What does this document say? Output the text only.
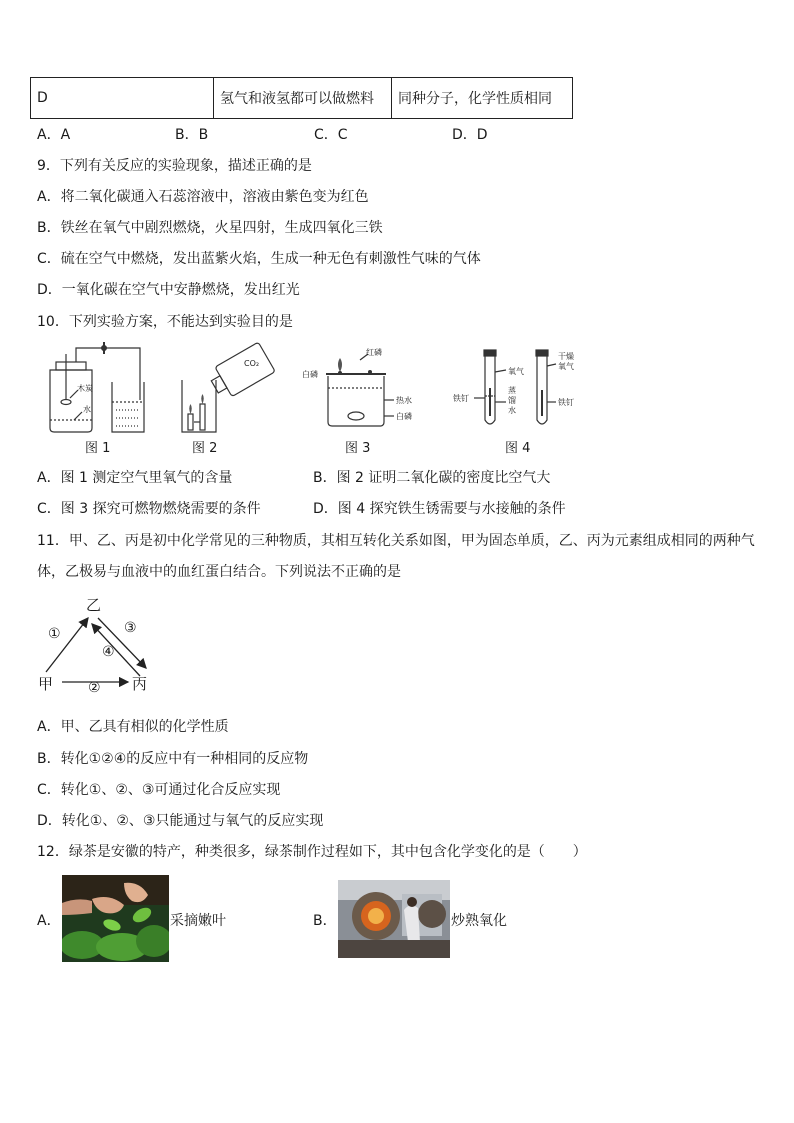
D	氢气和液氢都可以做燃料	同种分子，化学性质相同
A．A	B．B	C．C	D．D
9．下列有关反应的实验现象，描述正确的是
A．将二氧化碳通入石蕊溶液中，溶液由紫色变为红色
B．铁丝在氧气中剧烈燃烧，火星四射，生成四氧化三铁
C．硫在空气中燃烧，发出蓝紫火焰，生成一种无色有刺激性气味的气体
D．一氧化碳在空气中安静燃烧，发出红光
10．下列实验方案，不能达到实验目的是
木炭
水
图 1
CO₂
图 2
白磷
红磷
热水
白磷
图 3
铁钉
氧气
蒸馏水
干燥氧气
铁钉
图 4
A．图 1 测定空气里氧气的含量	B．图 2 证明二氧化碳的密度比空气大
C．图 3 探究可燃物燃烧需要的条件	D．图 4 探究铁生锈需要与水接触的条件
11．甲、乙、丙是初中化学常见的三种物质，其相互转化关系如图，甲为固态单质，乙、丙为元素组成相同的两种气
体，乙极易与血液中的血红蛋白结合。下列说法不正确的是
乙
甲	丙
①
②
③
④
A．甲、乙具有相似的化学性质
B．转化①②④的反应中有一种相同的反应物
C．转化①、②、③可通过化合反应实现
D．转化①、②、③只能通过与氧气的反应实现
12．绿茶是安徽的特产，种类很多，绿茶制作过程如下，其中包含化学变化的是（　　）
A．	采摘嫩叶	B．	炒熟氧化
